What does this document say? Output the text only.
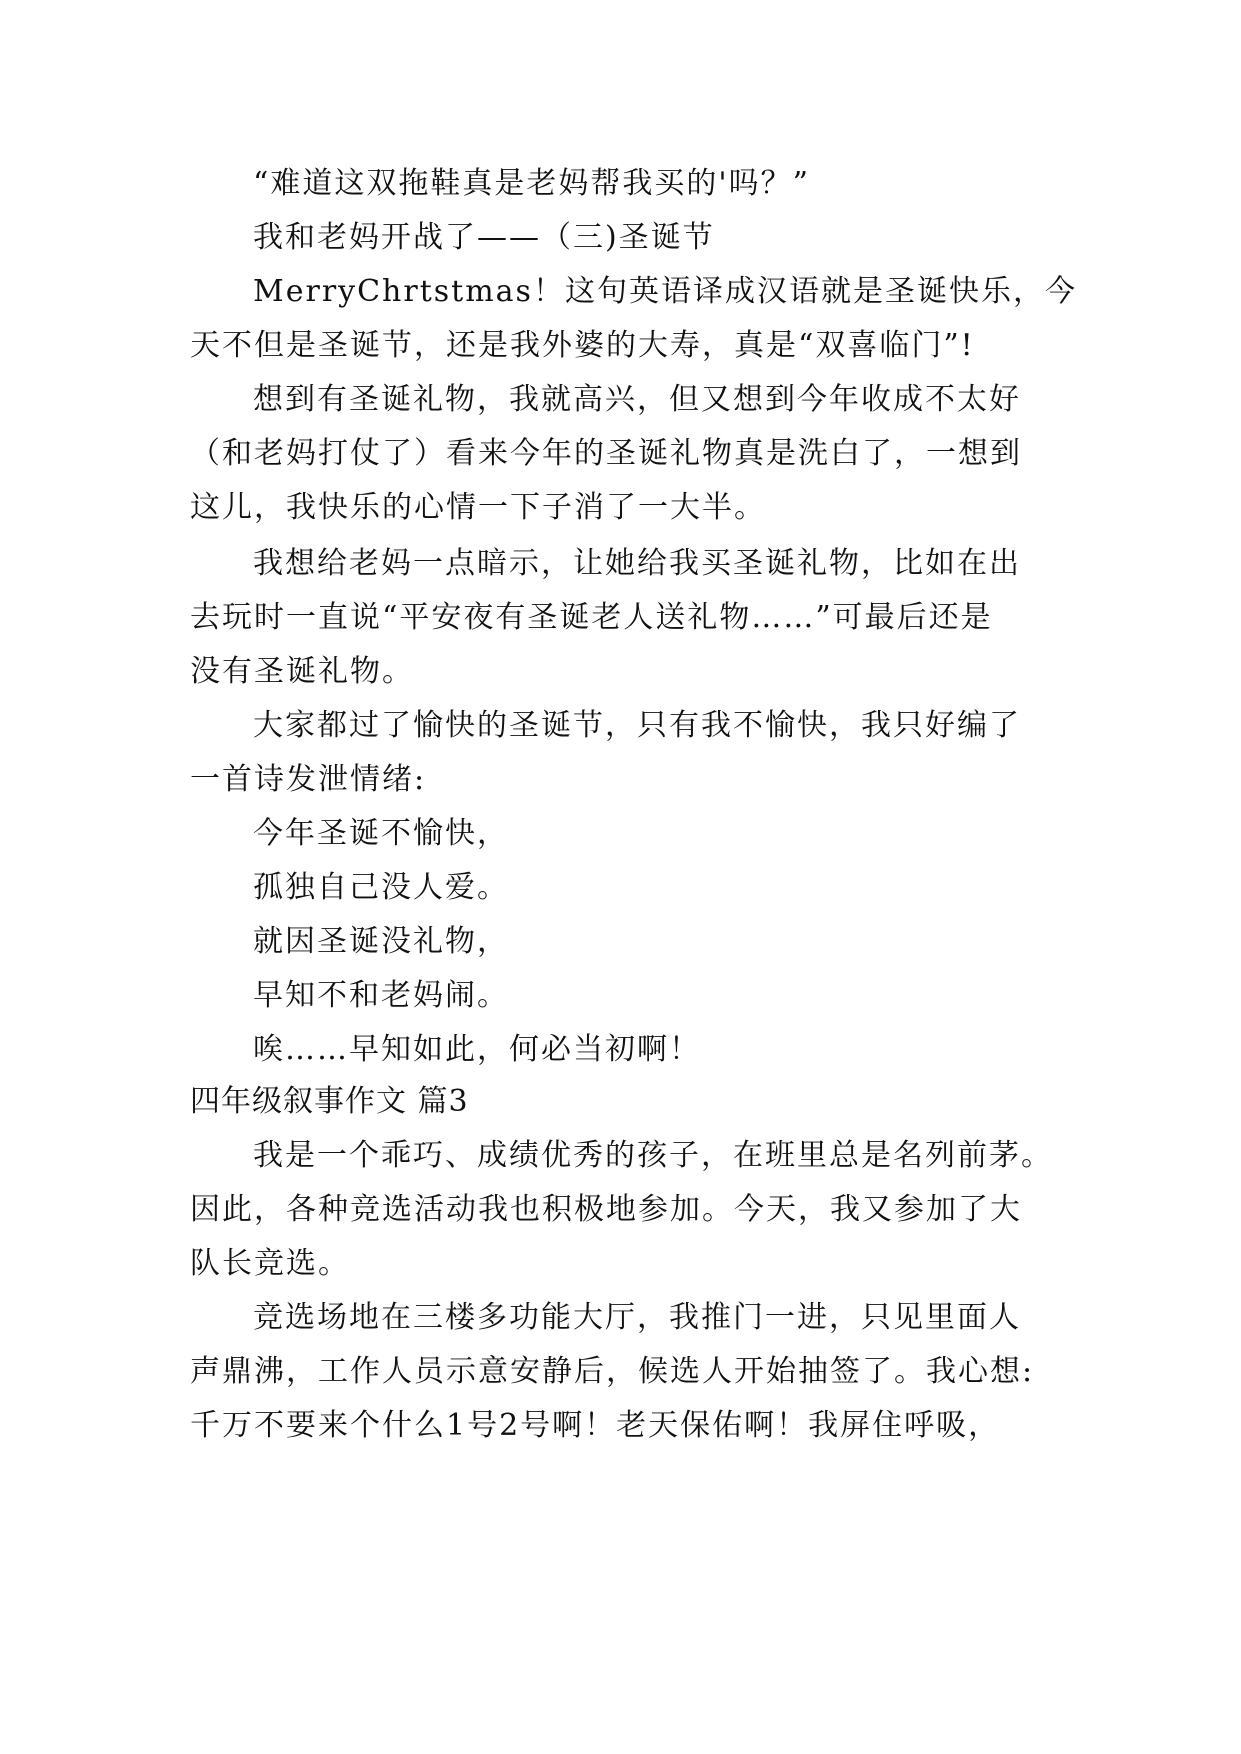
“难道这双拖鞋真是老妈帮我买的'吗？”
我和老妈开战了——（三)圣诞节
MerryChrtstmas！这句英语译成汉语就是圣诞快乐，今
天不但是圣诞节，还是我外婆的大寿，真是“双喜临门”!
想到有圣诞礼物，我就高兴，但又想到今年收成不太好
（和老妈打仗了）看来今年的圣诞礼物真是洗白了，一想到
这儿，我快乐的心情一下子消了一大半。
我想给老妈一点暗示，让她给我买圣诞礼物，比如在出
去玩时一直说“平安夜有圣诞老人送礼物……”可最后还是
没有圣诞礼物。
大家都过了愉快的圣诞节，只有我不愉快，我只好编了
一首诗发泄情绪:
今年圣诞不愉快，
孤独自己没人爱。
就因圣诞没礼物，
早知不和老妈闹。
唉……早知如此，何必当初啊！
四年级叙事作文 篇3
我是一个乖巧、成绩优秀的孩子，在班里总是名列前茅。
因此，各种竞选活动我也积极地参加。今天，我又参加了大
队长竞选。
竞选场地在三楼多功能大厅，我推门一进，只见里面人
声鼎沸，工作人员示意安静后，候选人开始抽签了。我心想:
千万不要来个什么1号2号啊！老天保佑啊！我屏住呼吸，
